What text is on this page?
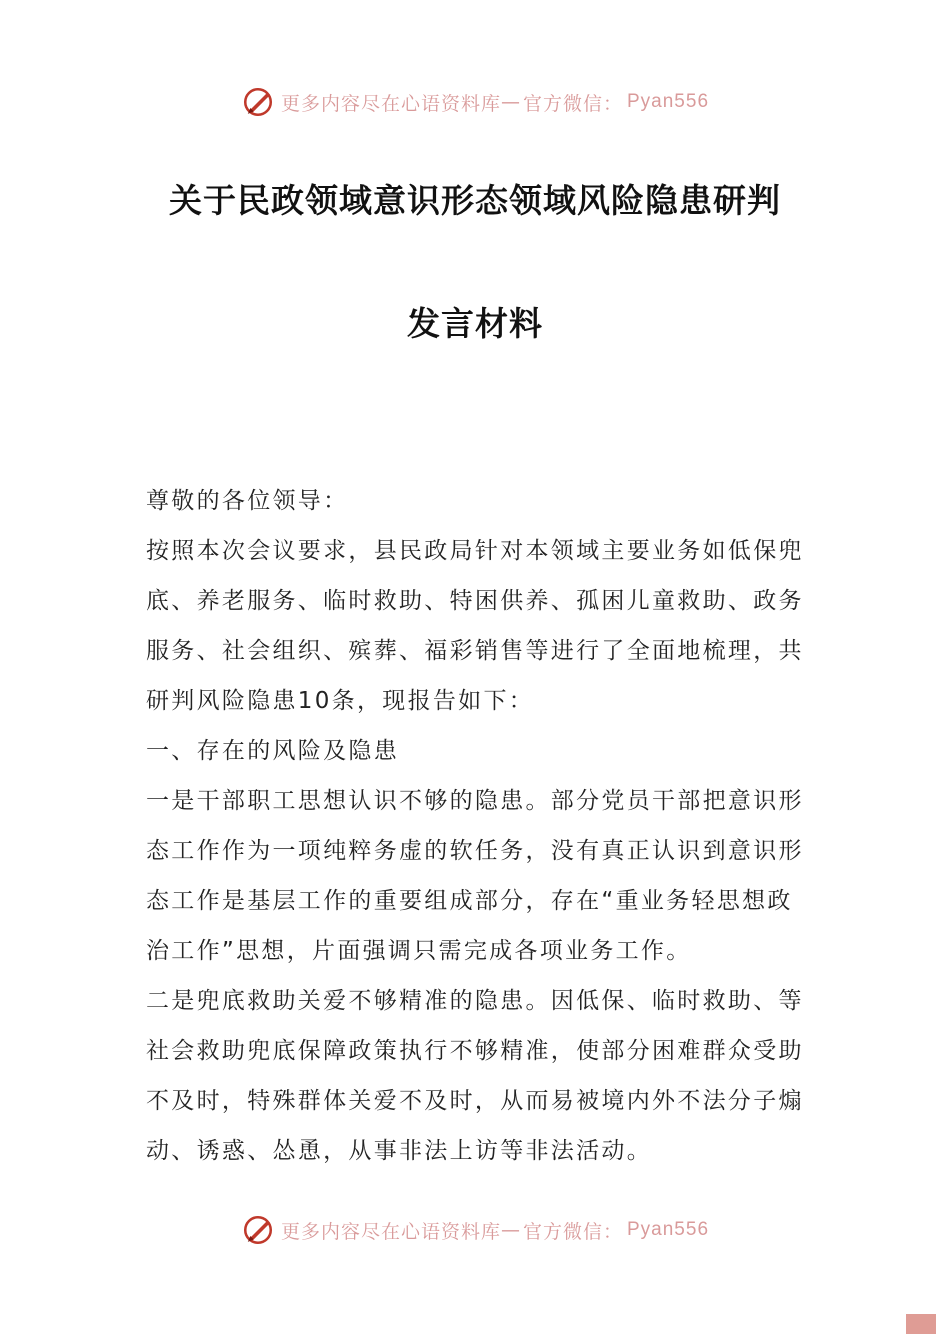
更多内容尽在心语资料库 — 官方微信： Pyan556
关于民政领域意识形态领域风险隐患研判
发言材料

尊敬的各位领导：

按照本次会议要求，县民政局针对本领域主要业务如低保兜底、养老服务、临时救助、特困供养、孤困儿童救助、政务服务、社会组织、殡葬、福彩销售等进行了全面地梳理，共研判风险隐患10条，现报告如下：

一、存在的风险及隐患

一是干部职工思想认识不够的隐患。部分党员干部把意识形态工作作为一项纯粹务虚的软任务，没有真正认识到意识形态工作是基层工作的重要组成部分，存在“重业务轻思想政治工作”思想，片面强调只需完成各项业务工作。

二是兜底救助关爱不够精准的隐患。因低保、临时救助、等社会救助兜底保障政策执行不够精准，使部分困难群众受助不及时，特殊群体关爱不及时，从而易被境内外不法分子煽动、诱惑、怂恿，从事非法上访等非法活动。

更多内容尽在心语资料库 — 官方微信： Pyan556
